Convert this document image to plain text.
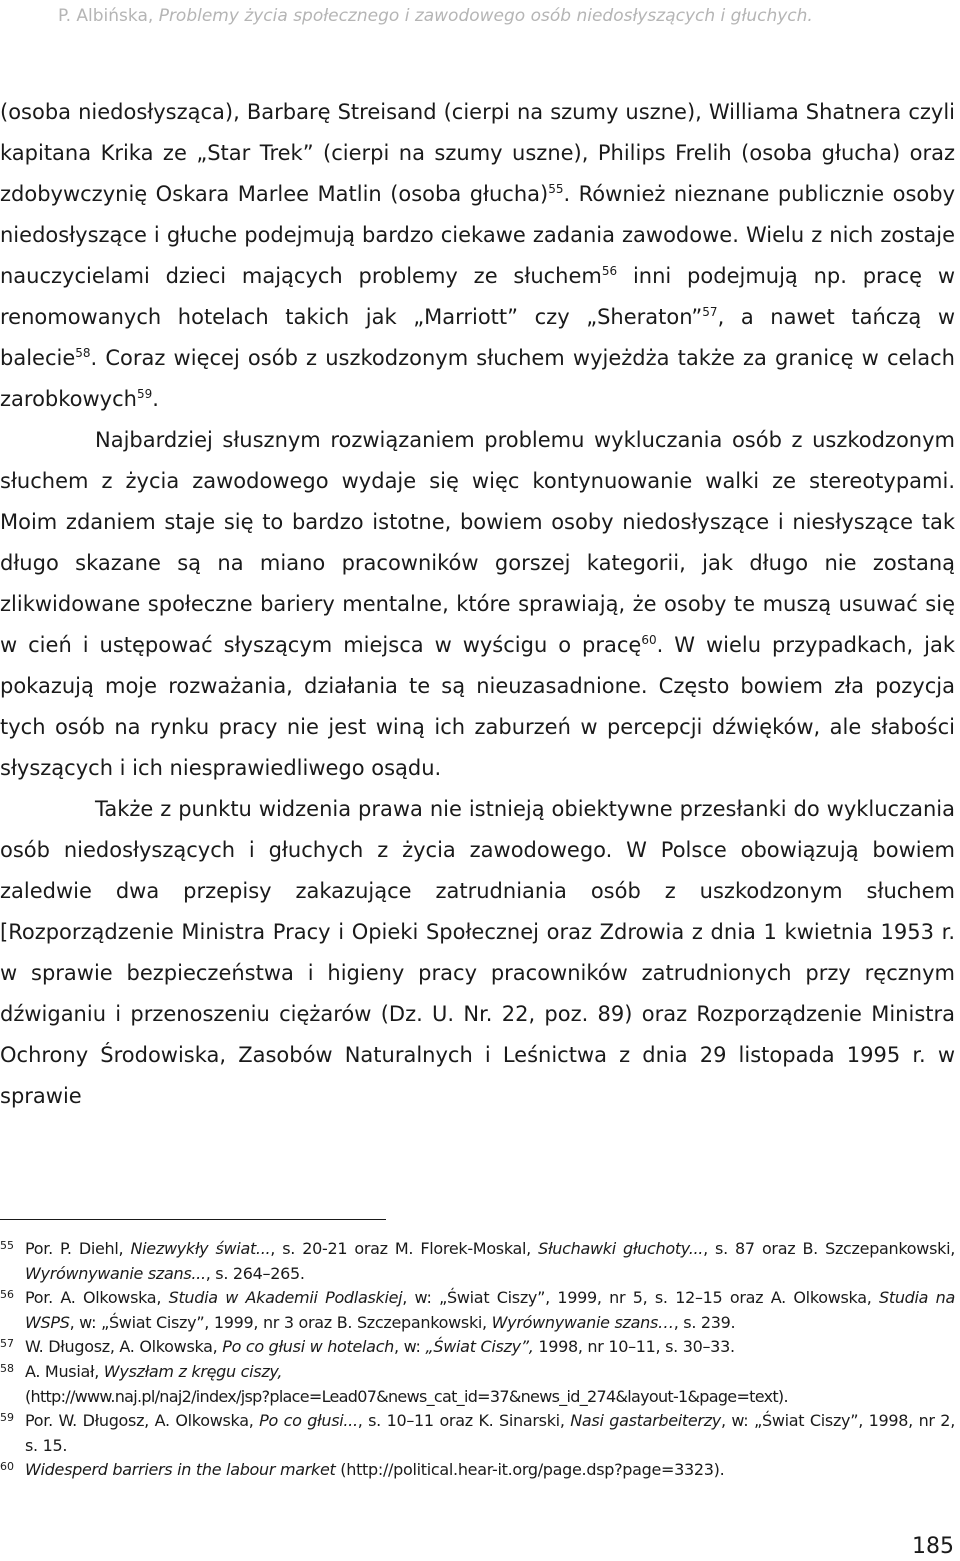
P. Albińska, Problemy życia społecznego i zawodowego osób niedosłyszących i głuchych.

(osoba niedosłysząca), Barbarę Streisand (cierpi na szumy uszne), Williama Shatnera czyli kapitana Krika ze „Star Trek” (cierpi na szumy uszne), Philips Frelih (osoba głucha) oraz zdobywczynię Oskara Marlee Matlin (osoba głucha)$^{55}$. Również nieznane publicznie osoby niedosłyszące i głuche podejmują bardzo ciekawe zadania zawodowe. Wielu z nich zostaje nauczycielami dzieci mających problemy ze słuchem$^{56}$ inni podejmują np. pracę w renomowanych hotelach takich jak „Marriott” czy „Sheraton”$^{57}$, a nawet tańczą w balecie$^{58}$. Coraz więcej osób z uszkodzonym słuchem wyjeżdża także za granicę w celach zarobkowych$^{59}$.

Najbardziej słusznym rozwiązaniem problemu wykluczania osób z uszkodzonym słuchem z życia zawodowego wydaje się więc kontynuowanie walki ze stereotypami. Moim zdaniem staje się to bardzo istotne, bowiem osoby niedosłyszące i niesłyszące tak długo skazane są na miano pracowników gorszej kategorii, jak długo nie zostaną zlikwidowane społeczne bariery mentalne, które sprawiają, że osoby te muszą usuwać się w cień i ustępować słyszącym miejsca w wyścigu o pracę$^{60}$. W wielu przypadkach, jak pokazują moje rozważania, działania te są nieuzasadnione. Często bowiem zła pozycja tych osób na rynku pracy nie jest winą ich zaburzeń w percepcji dźwięków, ale słabości słyszących i ich niesprawiedliwego osądu.

Także z punktu widzenia prawa nie istnieją obiektywne przesłanki do wykluczania osób niedosłyszących i głuchych z życia zawodowego. W Polsce obowiązują bowiem zaledwie dwa przepisy zakazujące zatrudniania osób z uszkodzonym słuchem [Rozporządzenie Ministra Pracy i Opieki Społecznej oraz Zdrowia z dnia 1 kwietnia 1953 r. w sprawie bezpieczeństwa i higieny pracy pracowników zatrudnionych przy ręcznym dźwiganiu i przenoszeniu ciężarów (Dz. U. Nr. 22, poz. 89) oraz Rozporządzenie Ministra Ochrony Środowiska, Zasobów Naturalnych i Leśnictwa z dnia 29 listopada 1995 r. w sprawie

55 Por. P. Diehl, Niezwykły świat..., s. 20-21 oraz M. Florek-Moskal, Słuchawki głuchoty..., s. 87 oraz B. Szczepankowski, Wyrównywanie szans..., s. 264–265.
56 Por. A. Olkowska, Studia w Akademii Podlaskiej, w: „Świat Ciszy”, 1999, nr 5, s. 12–15 oraz A. Olkowska, Studia na WSPS, w: „Świat Ciszy”, 1999, nr 3 oraz B. Szczepankowski, Wyrównywanie szans…, s. 239.
57 W. Długosz, A. Olkowska, Po co głusi w hotelach, w: „Świat Ciszy”, 1998, nr 10–11, s. 30–33.
58 A. Musiał, Wyszłam z kręgu ciszy,
(http://www.naj.pl/naj2/index/jsp?place=Lead07&news_cat_id=37&news_id_274&layout-1&page=text).
59 Por. W. Długosz, A. Olkowska, Po co głusi..., s. 10–11 oraz K. Sinarski, Nasi gastarbeiterzy, w: „Świat Ciszy”, 1998, nr 2, s. 15.
60 Widesperd barriers in the labour market (http://political.hear-it.org/page.dsp?page=3323).
185
